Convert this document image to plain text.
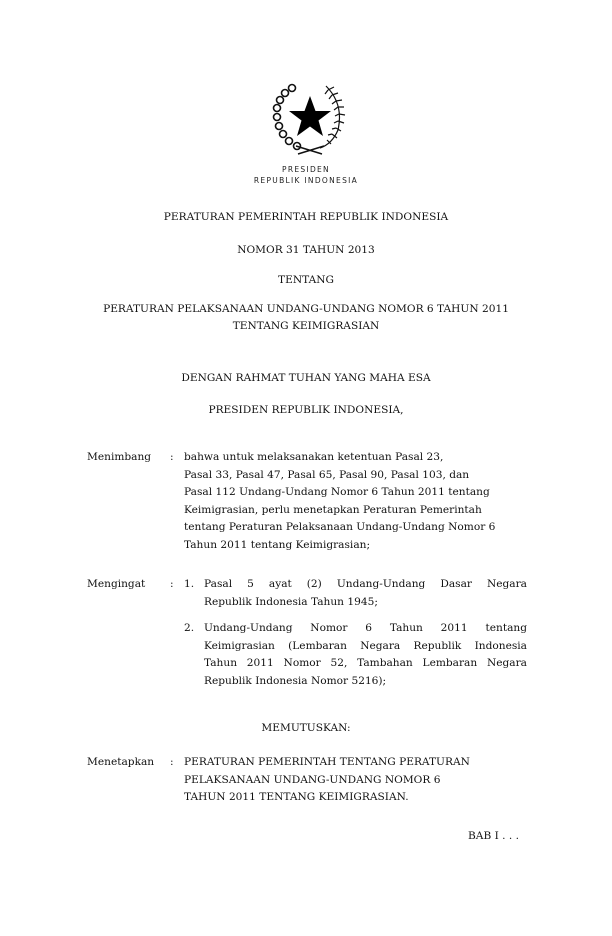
PRESIDEN
REPUBLIK INDONESIA
PERATURAN PEMERINTAH REPUBLIK INDONESIA
NOMOR 31 TAHUN 2013
TENTANG
PERATURAN PELAKSANAAN UNDANG-UNDANG NOMOR 6 TAHUN 2011
TENTANG KEIMIGRASIAN
DENGAN RAHMAT TUHAN YANG MAHA ESA
PRESIDEN REPUBLIK INDONESIA,
Menimbang : bahwa untuk melaksanakan ketentuan Pasal 23,

Pasal 33, Pasal 47, Pasal 65, Pasal 90, Pasal 103, dan

Pasal 112 Undang-Undang Nomor 6 Tahun 2011 tentang

Keimigrasian, perlu menetapkan Peraturan Pemerintah

tentang Peraturan Pelaksanaan Undang-Undang Nomor 6

Tahun 2011 tentang Keimigrasian;

Mengingat : 1. Pasal 5 ayat (2) Undang-Undang Dasar Negara

Republik Indonesia Tahun 1945;

2. Undang-Undang Nomor 6 Tahun 2011 tentang

Keimigrasian (Lembaran Negara Republik Indonesia

Tahun 2011 Nomor 52, Tambahan Lembaran Negara

Republik Indonesia Nomor 5216);

MEMUTUSKAN:
Menetapkan : PERATURAN PEMERINTAH TENTANG PERATURAN

PELAKSANAAN UNDANG-UNDANG NOMOR 6

TAHUN 2011 TENTANG KEIMIGRASIAN.

BAB I . . .
